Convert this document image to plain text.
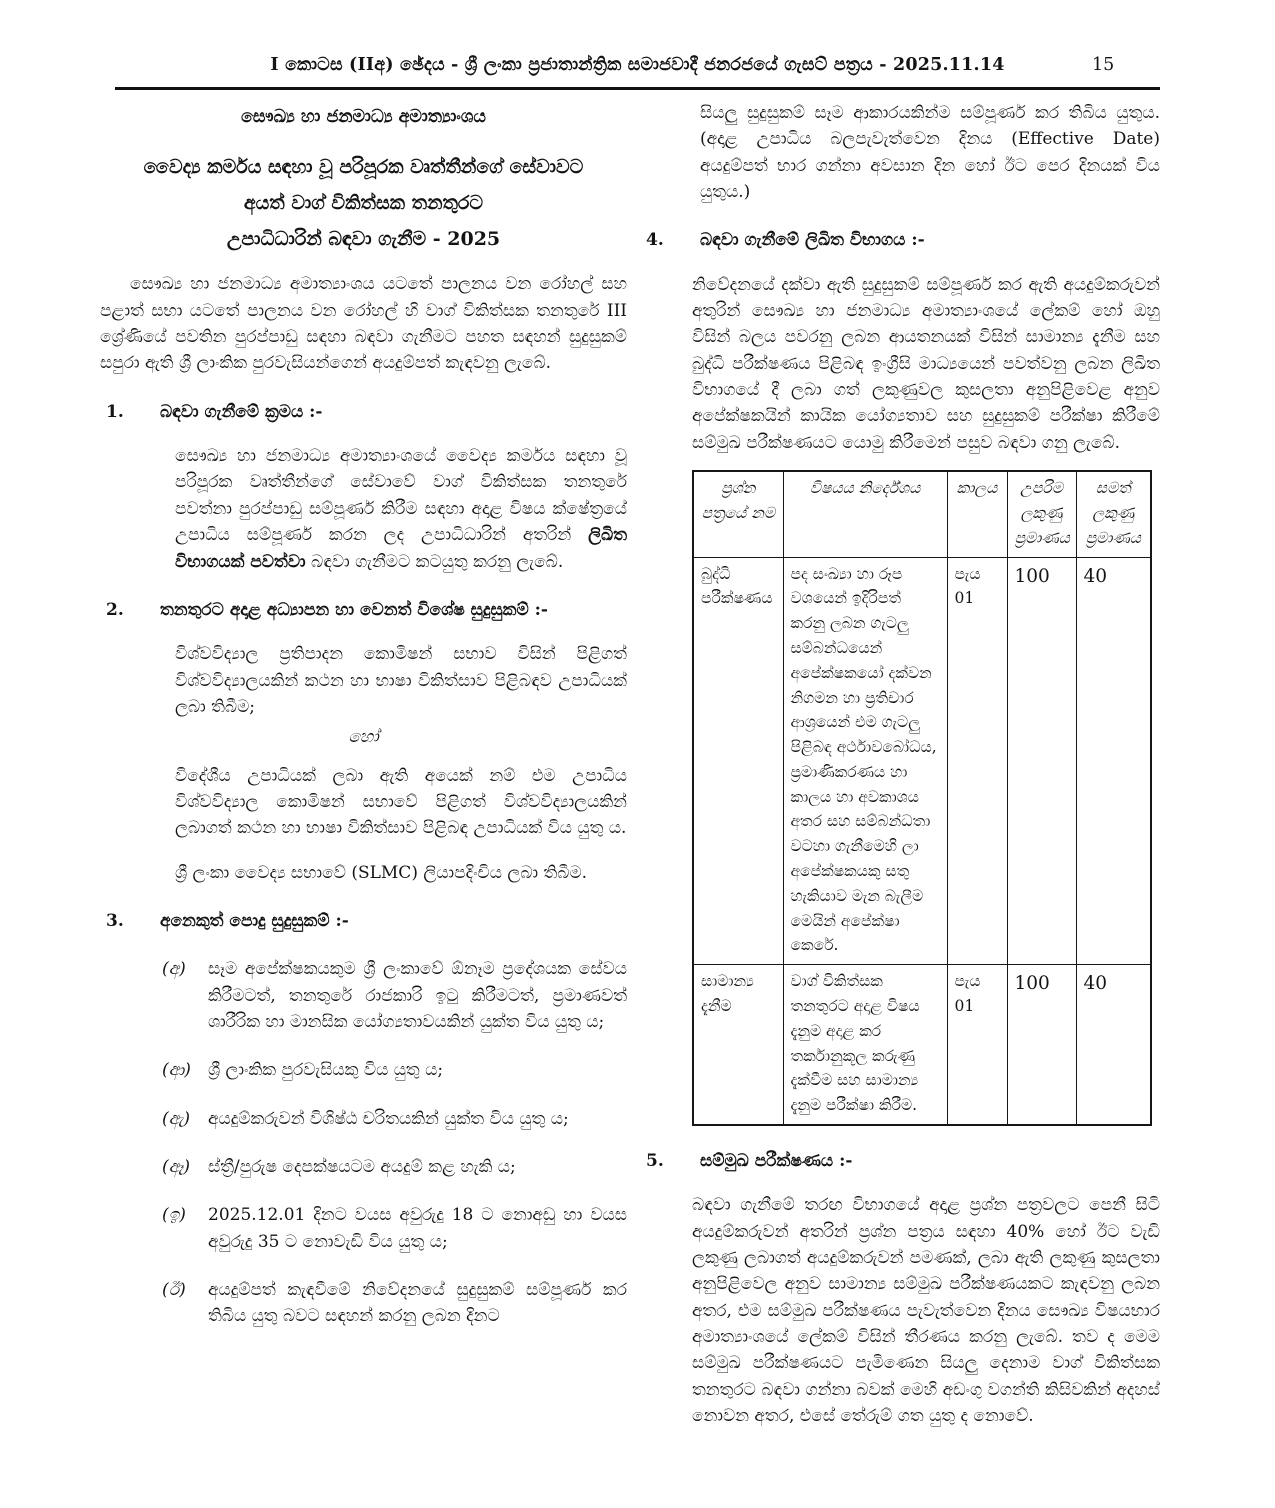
I කොටස (IIඅ) ඡේදය - ශ්‍රී ලංකා ප්‍රජාතාන්ත්‍රික සමාජවාදී ජනරජයේ ගැසට් පත්‍රය - 2025.11.14	15
සෞඛ්‍ය හා ජනමාධ්‍ය අමාත්‍යාංශය
වෛද්‍ය කර්මය සඳහා වූ පරිපූරක වෘත්තීන්ගේ සේවාවට
අයත් වාග් විකිත්සක තනතුරට
උපාධිධාරින් බඳවා ගැනීම - 2025
සෞඛ්‍ය හා ජනමාධ්‍ය අමාත්‍යාංශය යටතේ පාලනය වන රෝහල් සහ පළාත් සභා යටතේ පාලනය වන රෝහල් හි වාග් විකිත්සක තනතුරේ III ශ්‍රේණියේ පවතින පුරප්පාඩු සඳහා බඳවා ගැනීමට පහත සඳහන් සුදුසුකම් සපුරා ඇති ශ්‍රී ලාංකික පුරවැසියන්ගෙන් අයදුම්පත් කැඳවනු ලැබේ.
1.	බඳවා ගැනීමේ ක්‍රමය :-
සෞඛ්‍ය හා ජනමාධ්‍ය අමාත්‍යාංශයේ වෛද්‍ය කර්මය සඳහා වූ පරිපූරක වෘත්තීන්ගේ සේවාවේ වාග් විකිත්සක තනතුරේ පවත්නා පුරප්පාඩු සම්පූර්ණ කිරීම සඳහා අදාළ විෂය ක්ෂේත්‍රයේ උපාධිය සම්පූර්ණ කරන ලද උපාධිධාරින් අතරින් ලිඛිත විභාගයක් පවත්වා බඳවා ගැනීමට කටයුතු කරනු ලැබේ.
2.	තනතුරට අදාළ අධ්‍යාපන හා වෙනත් විශේෂ සුදුසුකම් :-
විශ්වවිද්‍යාල ප්‍රතිපාදන කොමිෂන් සභාව විසින් පිළිගත් විශ්වවිද්‍යාලයකින් කථන හා භාෂා විකිත්සාව පිළිබඳව උපාධියක් ලබා තිබීම;
හෝ
විදේශීය උපාධියක් ලබා ඇති අයෙක් නම් එම උපාධිය විශ්වවිද්‍යාල කොමිෂන් සභාවේ පිළිගත් විශ්වවිද්‍යාලයකින් ලබාගත් කථන හා භාෂා විකිත්සාව පිළිබඳ උපාධියක් විය යුතු ය.
ශ්‍රී ලංකා වෛද්‍ය සභාවේ (SLMC) ලියාපදිංචිය ලබා තිබීම.
3.	අනෙකුත් පොදු සුදුසුකම් :-
(අ)	සෑම අපේක්ෂකයකුම ශ්‍රී ලංකාවේ ඕනෑම ප්‍රදේශයක සේවය කිරීමටත්, තනතුරේ රාජකාරි ඉටු කිරීමටත්, ප්‍රමාණවත් ශාරීරික හා මානසික යෝග්‍යතාවයකින් යුක්ත විය යුතු ය;
(ආ)	ශ්‍රී ලාංකික පුරවැසියකු විය යුතු ය;
(ඇ)	අයදුම්කරුවන් විශිෂ්ඨ චරිතයකින් යුක්ත විය යුතු ය;
(ඈ)	ස්ත්‍රී/පුරුෂ දෙපක්ෂයටම අයදුම් කළ හැකි ය;
(ඉ)	2025.12.01 දිනට වයස අවුරුදු 18 ට නොඅඩු හා වයස අවුරුදු 35 ට නොවැඩි විය යුතු ය;
(ඊ)	අයදුම්පත් කැඳවීමේ නිවේදනයේ සුදුසුකම් සම්පූර්ණ කර තිබිය යුතු බවට සඳහන් කරනු ලබන දිනට
සියලු සුදුසුකම් සෑම ආකාරයකින්ම සම්පූර්ණ කර තිබිය යුතුය. (අදාළ උපාධිය බලපැවැත්වෙන දිනය (Effective Date) අයදුම්පත් භාර ගන්නා අවසාන දින හෝ ඊට පෙර දිනයක් විය යුතුය.)
4.	බඳවා ගැනීමේ ලිඛිත විභාගය :-
නිවේදනයේ දක්වා ඇති සුදුසුකම් සම්පූර්ණ කර ඇති අයදුම්කරුවන් අතුරින් සෞඛ්‍ය හා ජනමාධ්‍ය අමාත්‍යාංශයේ ලේකම් හෝ ඔහු විසින් බලය පවරනු ලබන ආයතනයක් විසින් සාමාන්‍ය දැනීම සහ බුද්ධි පරීක්ෂණය පිළිබඳ ඉංග්‍රීසි මාධ්‍යයෙන් පවත්වනු ලබන ලිඛිත විභාගයේ දී ලබා ගත් ලකුණුවල කුසලතා අනුපිළිවෙළ අනුව අපේක්ෂකයින් කායික යෝග්‍යතාව සහ සුදුසුකම් පරීක්ෂා කිරීමේ සම්මුඛ පරීක්ෂණයට යොමු කිරීමෙන් පසුව බඳවා ගනු ලැබේ.
ප්‍රශ්න පත්‍රයේ නම	විෂයය නිර්දේශය	කාලය	උපරිම ලකුණු ප්‍රමාණය	සමත් ලකුණු ප්‍රමාණය
බුද්ධි පරීක්ෂණය	පද සංඛ්‍යා හා රූප වශයෙන් ඉදිරිපත් කරනු ලබන ගැටලු සම්බන්ධයෙන් අපේක්ෂකයෝ දක්වන නිගමන හා ප්‍රතිචාර ආශ්‍රයෙන් එම ගැටලු පිළිබඳ අර්ථාවබෝධය, ප්‍රමාණිකරණය හා කාලය හා අවකාශය අතර සහ සම්බන්ධතා වටහා ගැනීමෙහි ලා අපේක්ෂකයකු සතු හැකියාව මැන බැලීම මෙයින් අපේක්ෂා කෙරේ.	පැය 01	100	40
සාමාන්‍ය දැනීම	වාග් විකිත්සක තනතුරට අදාළ විෂය දැනුම අදාළ කර තර්කානුකූල කරුණු දැක්වීම සහ සාමාන්‍ය දැනුම පරීක්ෂා කිරීම.	පැය 01	100	40
5.	සම්මුඛ පරීක්ෂණය :-
බඳවා ගැනීමේ තරඟ විභාගයේ අදාළ ප්‍රශ්න පත්‍රවලට පෙනී සිටි අයදුම්කරුවන් අතරින් ප්‍රශ්න පත්‍රය සඳහා 40% හෝ ඊට වැඩි ලකුණු ලබාගත් අයදුම්කරුවන් පමණක්, ලබා ඇති ලකුණු කුසලතා අනුපිළිවෙල අනුව සාමාන්‍ය සම්මුඛ පරීක්ෂණයකට කැඳවනු ලබන අතර, එම සම්මුඛ පරීක්ෂණය පැවැත්වෙන දිනය සෞඛ්‍ය විෂයභාර අමාත්‍යාංශයේ ලේකම් විසින් තීරණය කරනු ලැබේ. තව ද මෙම සම්මුඛ පරීක්ෂණයට පැමිණෙන සියලු දෙනාම වාග් විකිත්සක තනතුරට බඳවා ගන්නා බවක් මෙහි අඩංගු වගන්ති කිසිවකින් අදහස් නොවන අතර, එසේ තේරුම් ගත යුතු ද නොවේ.
